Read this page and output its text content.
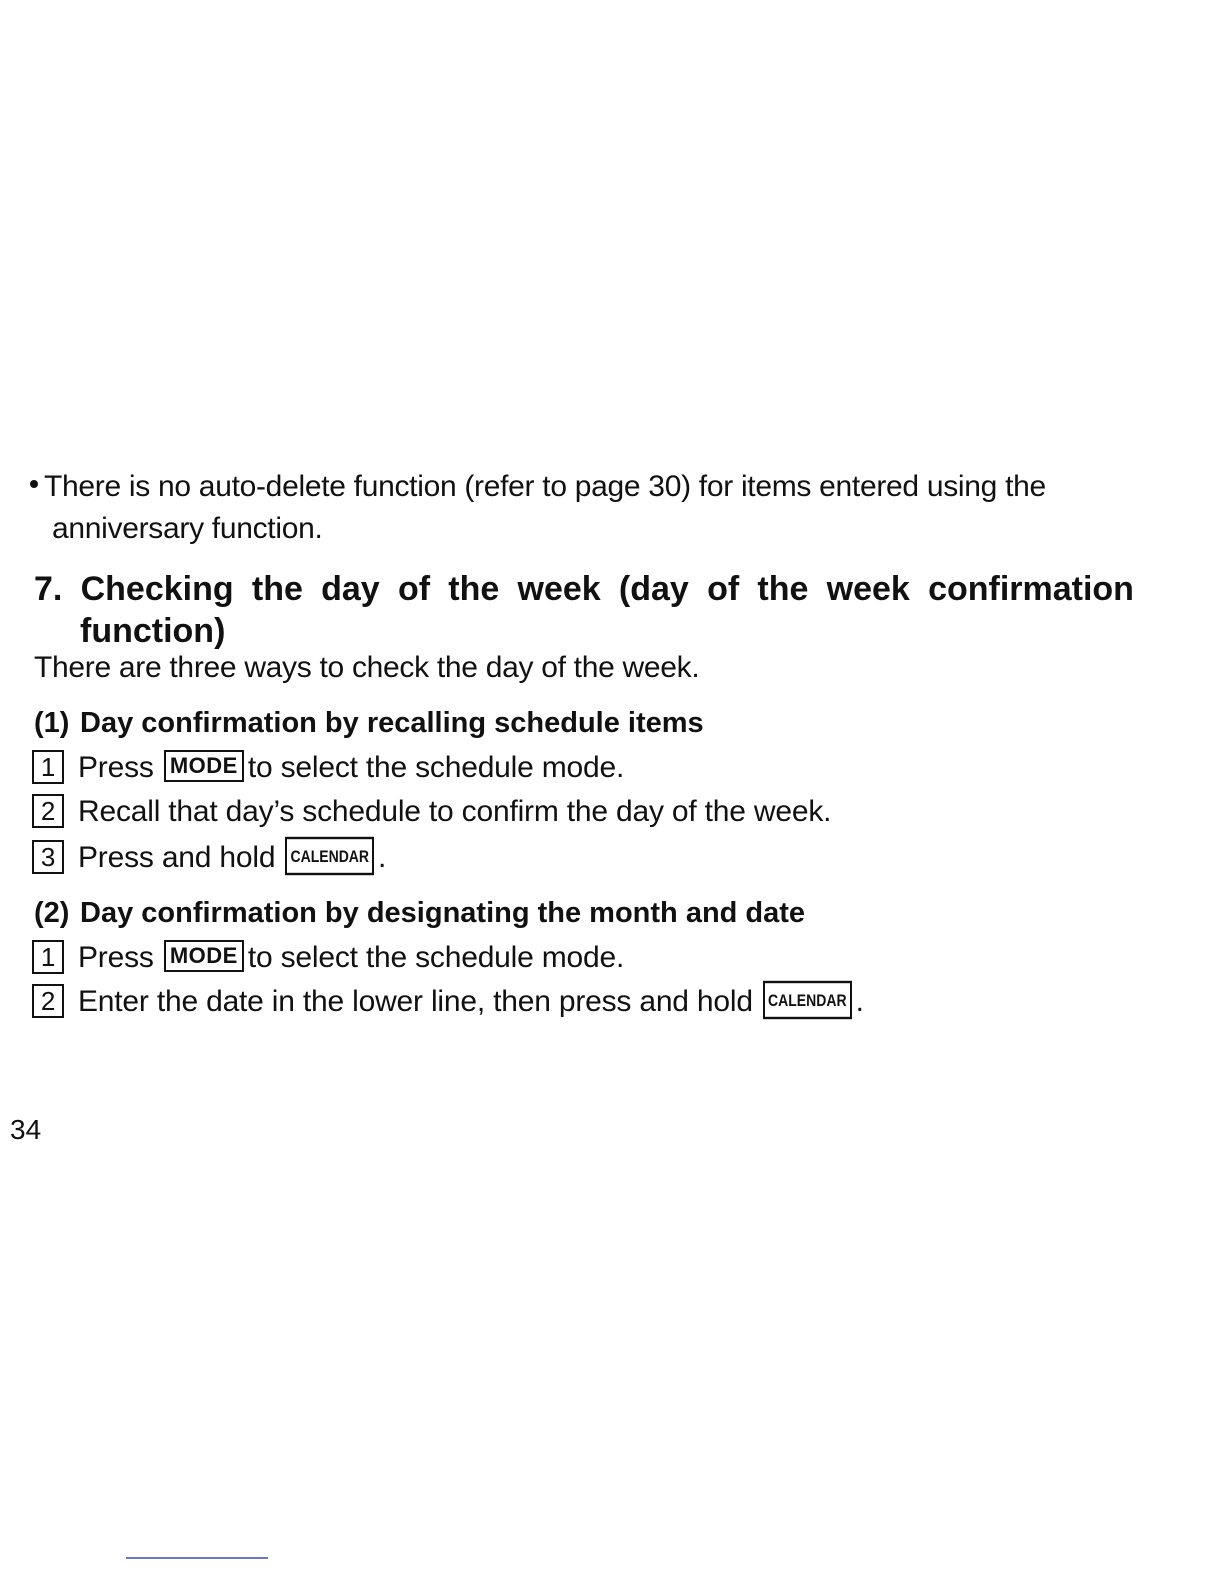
There is no auto-delete function (refer to page 30) for items entered using the
anniversary function.
7. Checking the day of the week (day of the week confirmation
function)
There are three ways to check the day of the week.
(1) Day confirmation by recalling schedule items
1 Press MODE to select the schedule mode.
2 Recall that day’s schedule to confirm the day of the week.
3 Press and hold CALENDAR .
(2) Day confirmation by designating the month and date
1 Press MODE to select the schedule mode.
2 Enter the date in the lower line, then press and hold CALENDAR .
34
